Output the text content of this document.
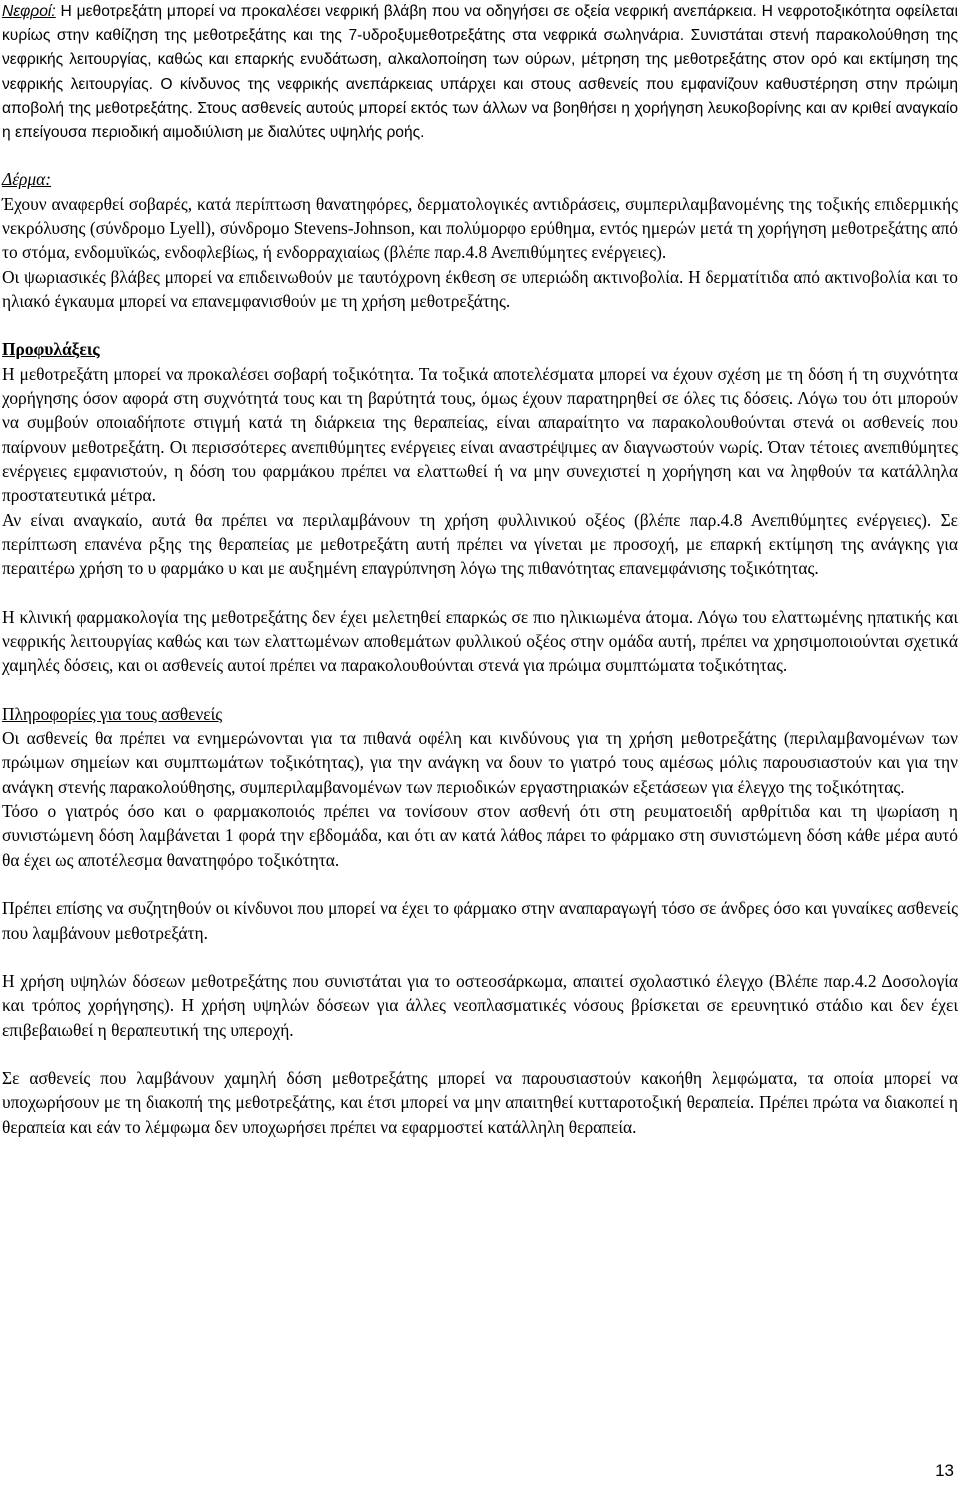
Νεφροί: Η μεθοτρεξάτη μπορεί να προκαλέσει νεφρική βλάβη που να οδηγήσει σε οξεία νεφρική ανεπάρκεια. Η νεφροτοξικότητα οφείλεται κυρίως στην καθίζηση της μεθοτρεξάτης και της 7-υδροξυμεθοτρεξάτης στα νεφρικά σωληνάρια. Συνιστάται στενή παρακολούθηση της νεφρικής λειτουργίας, καθώς και επαρκής ενυδάτωση, αλκαλοποίηση των ούρων, μέτρηση της μεθοτρεξάτης στον ορό και εκτίμηση της νεφρικής λειτουργίας. Ο κίνδυνος της νεφρικής ανεπάρκειας υπάρχει και στους ασθενείς που εμφανίζουν καθυστέρηση στην πρώιμη αποβολή της μεθοτρεξάτης. Στους ασθενείς αυτούς μπορεί εκτός των άλλων να βοηθήσει η χορήγηση λευκοβορίνης και αν κριθεί αναγκαίο η επείγουσα περιοδική αιμοδιύλιση με διαλύτες υψηλής ροής.

Δέρμα:

Έχουν αναφερθεί σοβαρές, κατά περίπτωση θανατηφόρες, δερματολογικές αντιδράσεις, συμπεριλαμβανομένης της τοξικής επιδερμικής νεκρόλυσης (σύνδρομο Lyell), σύνδρομο Stevens-Johnson, και πολύμορφο ερύθημα, εντός ημερών μετά τη χορήγηση μεθοτρεξάτης από το στόμα, ενδομυϊκώς, ενδοφλεβίως, ή ενδορραχιαίως (βλέπε παρ.4.8 Ανεπιθύμητες ενέργειες).

Οι ψωριασικές βλάβες μπορεί να επιδεινωθούν με ταυτόχρονη έκθεση σε υπεριώδη ακτινοβολία. Η δερματίτιδα από ακτινοβολία και το ηλιακό έγκαυμα μπορεί να επανεμφανισθούν με τη χρήση μεθοτρεξάτης.

Προφυλάξεις

Η μεθοτρεξάτη μπορεί να προκαλέσει σοβαρή τοξικότητα. Τα τοξικά αποτελέσματα μπορεί να έχουν σχέση με τη δόση ή τη συχνότητα χορήγησης όσον αφορά στη συχνότητά τους και τη βαρύτητά τους, όμως έχουν παρατηρηθεί σε όλες τις δόσεις. Λόγω του ότι μπορούν να συμβούν οποιαδήποτε στιγμή κατά τη διάρκεια της θεραπείας, είναι απαραίτητο να παρακολουθούνται στενά οι ασθενείς που παίρνουν μεθοτρεξάτη. Οι περισσότερες ανεπιθύμητες ενέργειες είναι αναστρέψιμες αν διαγνωστούν νωρίς. Όταν τέτοιες ανεπιθύμητες ενέργειες εμφανιστούν, η δόση του φαρμάκου πρέπει να ελαττωθεί ή να μην συνεχιστεί η χορήγηση και να ληφθούν τα κατάλληλα προστατευτικά μέτρα.

Αν είναι αναγκαίο, αυτά θα πρέπει να περιλαμβάνουν τη χρήση φυλλινικού οξέος (βλέπε παρ.4.8 Ανεπιθύμητες ενέργειες). Σε περίπτωση επανένα ρξης της θεραπείας με μεθοτρεξάτη αυτή πρέπει να γίνεται με προσοχή, με επαρκή εκτίμηση της ανάγκης για περαιτέρω χρήση το υ φαρμάκο υ και με αυξημένη επαγρύπνηση λόγω της πιθανότητας επανεμφάνισης τοξικότητας.

Η κλινική φαρμακολογία της μεθοτρεξάτης δεν έχει μελετηθεί επαρκώς σε πιο ηλικιωμένα άτομα. Λόγω του ελαττωμένης ηπατικής και νεφρικής λειτουργίας καθώς και των ελαττωμένων αποθεμάτων φυλλικού οξέος στην ομάδα αυτή, πρέπει να χρησιμοποιούνται σχετικά χαμηλές δόσεις, και οι ασθενείς αυτοί πρέπει να παρακολουθούνται στενά για πρώιμα συμπτώματα τοξικότητας.

Πληροφορίες για τους ασθενείς

Οι ασθενείς θα πρέπει να ενημερώνονται για τα πιθανά οφέλη και κινδύνους για τη χρήση μεθοτρεξάτης (περιλαμβανομένων των πρώιμων σημείων και συμπτωμάτων τοξικότητας), για την ανάγκη να δουν το γιατρό τους αμέσως μόλις παρουσιαστούν και για την ανάγκη στενής παρακολούθησης, συμπεριλαμβανομένων των περιοδικών εργαστηριακών εξετάσεων για έλεγχο της τοξικότητας.

Τόσο ο γιατρός όσο και ο φαρμακοποιός πρέπει να τονίσουν στον ασθενή ότι στη ρευματοειδή αρθρίτιδα και τη ψωρίαση η συνιστώμενη δόση λαμβάνεται 1 φορά την εβδομάδα, και ότι αν κατά λάθος πάρει το φάρμακο στη συνιστώμενη δόση κάθε μέρα αυτό θα έχει ως αποτέλεσμα θανατηφόρο τοξικότητα.

Πρέπει επίσης να συζητηθούν οι κίνδυνοι που μπορεί να έχει το φάρμακο στην αναπαραγωγή τόσο σε άνδρες όσο και γυναίκες ασθενείς που λαμβάνουν μεθοτρεξάτη.

Η χρήση υψηλών δόσεων μεθοτρεξάτης που συνιστάται για το οστεοσάρκωμα, απαιτεί σχολαστικό έλεγχο (Βλέπε παρ.4.2 Δοσολογία και τρόπος χορήγησης). Η χρήση υψηλών δόσεων για άλλες νεοπλασματικές νόσους βρίσκεται σε ερευνητικό στάδιο και δεν έχει επιβεβαιωθεί η θεραπευτική της υπεροχή.

Σε ασθενείς που λαμβάνουν χαμηλή δόση μεθοτρεξάτης μπορεί να παρουσιαστούν κακοήθη λεμφώματα, τα οποία μπορεί να υποχωρήσουν με τη διακοπή της μεθοτρεξάτης, και έτσι μπορεί να μην απαιτηθεί κυτταροτοξική θεραπεία. Πρέπει πρώτα να διακοπεί η θεραπεία και εάν το λέμφωμα δεν υποχωρήσει πρέπει να εφαρμοστεί κατάλληλη θεραπεία.

13
